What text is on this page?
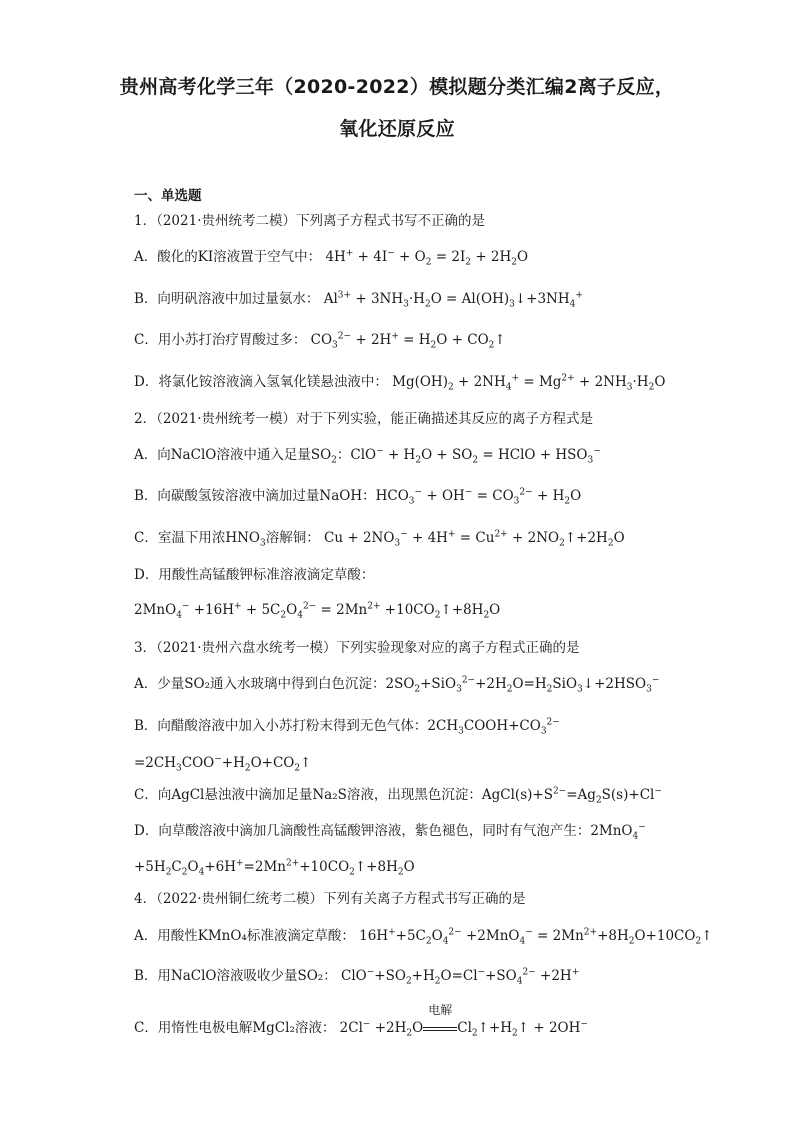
贵州高考化学三年（2020-2022）模拟题分类汇编2离子反应，
氧化还原反应
一、单选题
1．（2021·贵州统考二模）下列离子方程式书写不正确的是
A．酸化的KI溶液置于空气中： $4H^+ + 4I^- + O_2 = 2I_2 + 2H_2O$
B．向明矾溶液中加过量氨水： $Al^{3+} + 3NH_3\cdot H_2O$ = $Al(OH)_3↓+3NH_4^+$
C．用小苏打治疗胃酸过多： $CO_3^{2-} + 2H^+ = H_2O$ + $CO_2↑$
D．将氯化铵溶液滴入氢氧化镁悬浊液中： $Mg(OH)_2 + 2NH_4^+ = Mg^{2+} + 2NH_3\cdot H_2O$
2．（2021·贵州统考一模）对于下列实验，能正确描述其反应的离子方程式是
A．向NaClO溶液中通入足量$SO_2$：$ClO^- + H_2O + SO_2$ = HClO + $HSO_3^-$
B．向碳酸氢铵溶液中滴加过量NaOH：$HCO_3^- + OH^- = CO_3^{2-} + H_2O$
C．室温下用浓$HNO_3$溶解铜： $Cu + 2NO_3^- + 4H^+ = Cu^{2+}$ + $2NO_2↑+2H_2O$
D．用酸性高锰酸钾标准溶液滴定草酸：
$2MnO_4^- +16H^+ + 5C_2O_4^{2-} = 2Mn^{2+}$ $+10CO_2↑+8H_2O$
3．（2021·贵州六盘水统考一模）下列实验现象对应的离子方程式正确的是
A．少量SO₂通入水玻璃中得到白色沉淀：$2SO_2+SiO_3^{2-}+2H_2O=H_2SiO_3↓+2HSO_3^-$
B．向醋酸溶液中加入小苏打粉末得到无色气体：$2CH_3COOH+CO_3^{2-}$
$=2CH_3COO^-+H_2O+CO_2↑$
C．向AgCl悬浊液中滴加足量Na₂S溶液，出现黑色沉淀：$AgCl(s)+S^{2-}=Ag_2S(s)+Cl^-$
D．向草酸溶液中滴加几滴酸性高锰酸钾溶液，紫色褪色，同时有气泡产生：2MnO$_4$−
$+5H_2C_2O_4+6H^+=2Mn^{2+}+10CO_2↑+8H_2O$
4．（2022·贵州铜仁统考二模）下列有关离子方程式书写正确的是
A．用酸性KMnO₄标准液滴定草酸： $16H^++5C_2O_4^{2-} +2MnO_4^-$ = $2Mn^{2+}+8H_2O+10CO_2↑$
B．用NaClO溶液吸收少量SO₂： $ClO^-+SO_2+H_2O=Cl^-+SO_4^{2-} +2H^+$
C．用惰性电极电解MgCl₂溶液： $2Cl^- +2H_2O$
电解
$Cl_2↑+H_2↑ + 2OH^-$
